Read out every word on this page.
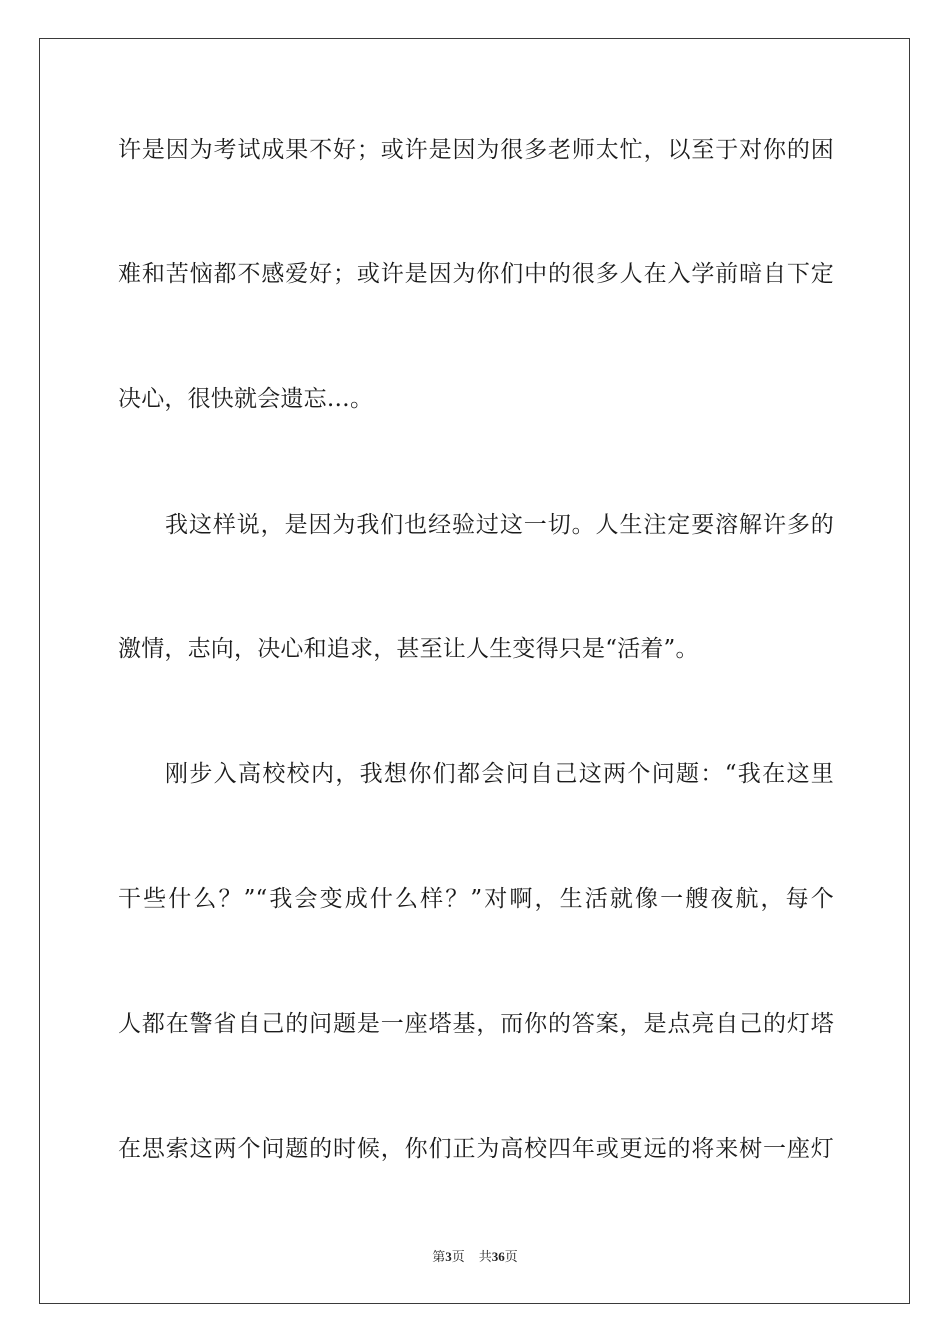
许是因为考试成果不好；或许是因为很多老师太忙，以至于对你的困
难和苦恼都不感爱好；或许是因为你们中的很多人在入学前暗自下定
决心，很快就会遗忘…。
我这样说，是因为我们也经验过这一切。人生注定要溶解许多的
激情，志向，决心和追求，甚至让人生变得只是“活着”。
刚步入高校校内，我想你们都会问自己这两个问题：“我在这里
干些什么？”“我会变成什么样？”对啊，生活就像一艘夜航，每个
人都在警省自己的问题是一座塔基，而你的答案，是点亮自己的灯塔
在思索这两个问题的时候，你们正为高校四年或更远的将来树一座灯
第3页 共36页
